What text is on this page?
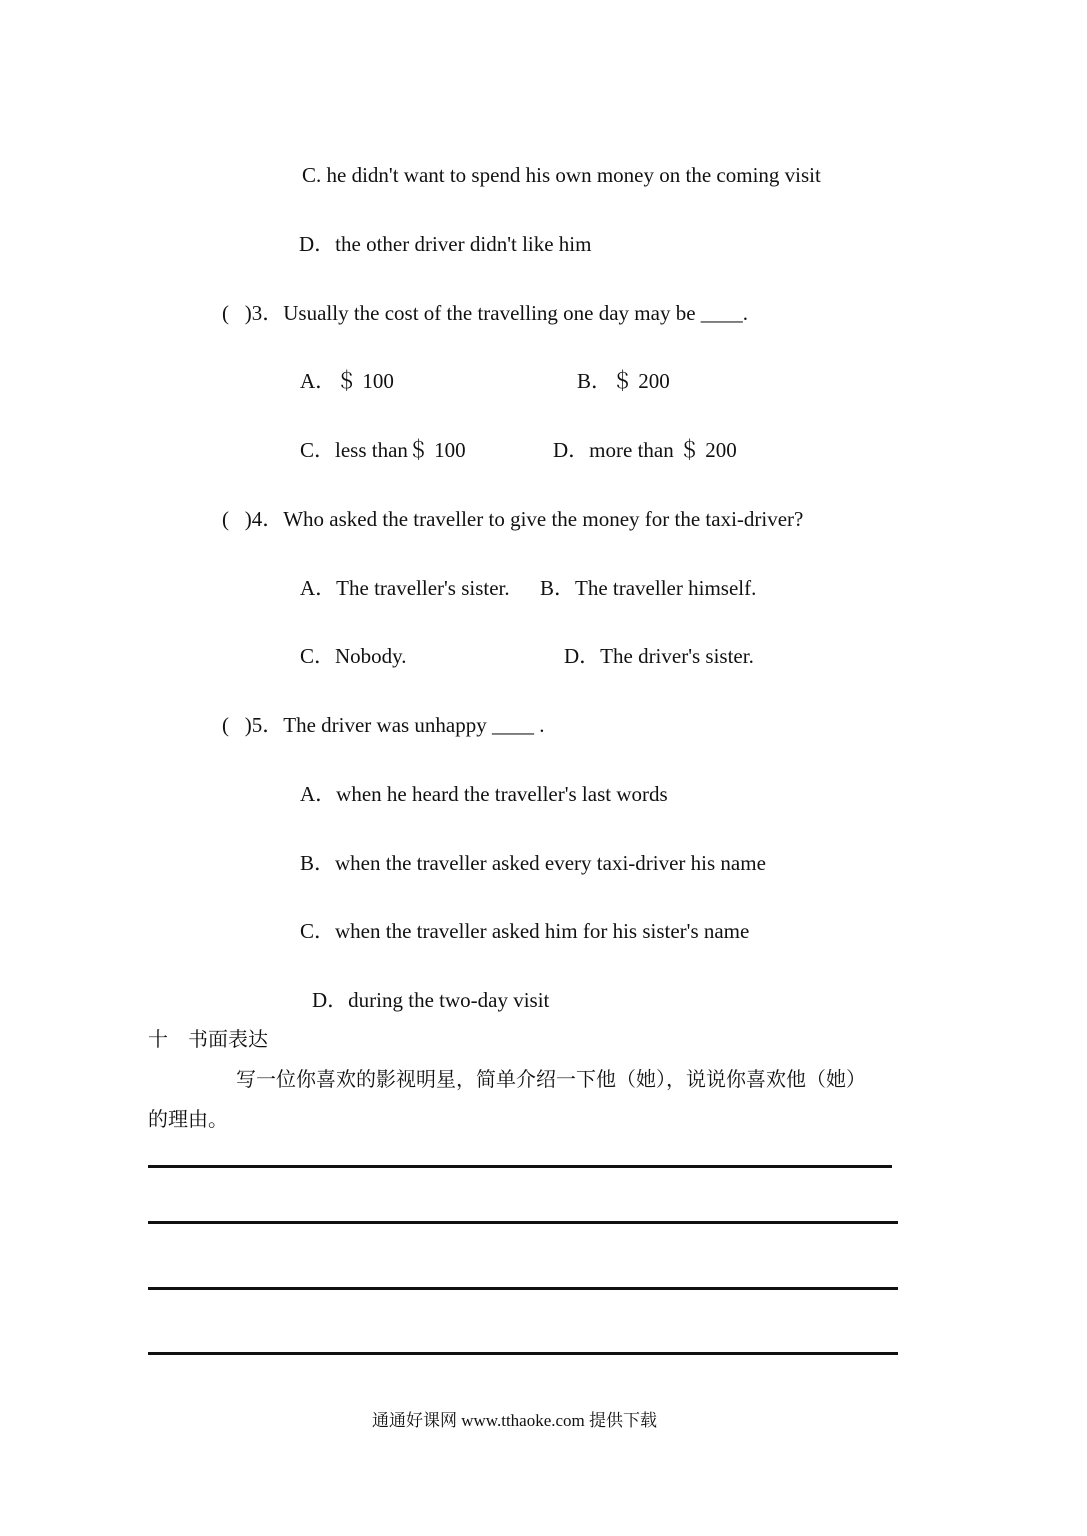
C. he didn't want to spend his own money on the coming visit
D．the other driver didn't like him
(   )3．Usually the cost of the travelling one day may be ____.
A．＄ 100	B．＄ 200
C．less than＄ 100	D．more than ＄ 200
(   )4．Who asked the traveller to give the money for the taxi-driver?
A．The traveller's sister. B．The traveller himself.
C．Nobody.	D．The driver's sister.
(   )5．The driver was unhappy ____ .
A．when he heard the traveller's last words
B．when the traveller asked every taxi-driver his name
C．when the traveller asked him for his sister's name
D．during the two-day visit
十　书面表达
写一位你喜欢的影视明星，简单介绍一下他（她），说说你喜欢他（她）
的理由。
通通好课网 www.tthaoke.com 提供下载
